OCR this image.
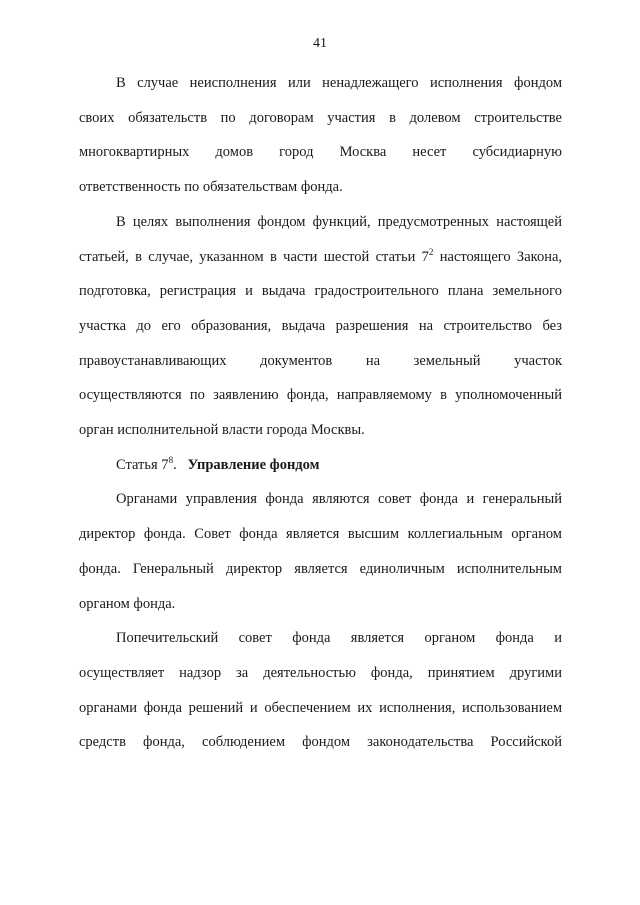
41

В случае неисполнения или ненадлежащего исполнения фондом
своих обязательств по договорам участия в долевом строительстве
многоквартирных домов город Москва несет субсидиарную
ответственность по обязательствам фонда.

В целях выполнения фондом функций, предусмотренных настоящей
статьей, в случае, указанном в части шестой статьи $7^2$ настоящего Закона,
подготовка, регистрация и выдача градостроительного плана земельного
участка до его образования, выдача разрешения на строительство без
правоустанавливающих документов на земельный участок
осуществляются по заявлению фонда, направляемому в уполномоченный
орган исполнительной власти города Москвы.

Статья $7^8$. Управление фондом

Органами управления фонда являются совет фонда и генеральный
директор фонда. Совет фонда является высшим коллегиальным органом
фонда. Генеральный директор является единоличным исполнительным
органом фонда.

Попечительский совет фонда является органом фонда и
осуществляет надзор за деятельностью фонда, принятием другими
органами фонда решений и обеспечением их исполнения, использованием
средств фонда, соблюдением фондом законодательства Российской
